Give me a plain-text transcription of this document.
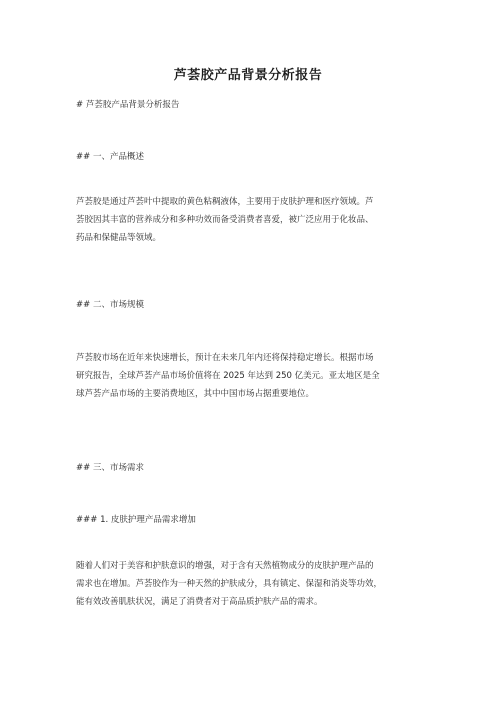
芦荟胶产品背景分析报告
# 芦荟胶产品背景分析报告
## 一、产品概述

芦荟胶是通过芦荟叶中提取的黄色粘稠液体，主要用于皮肤护理和医疗领域。芦

荟胶因其丰富的营养成分和多种功效而备受消费者喜爱，被广泛应用于化妆品、

药品和保健品等领域。

## 二、市场规模

芦荟胶市场在近年来快速增长，预计在未来几年内还将保持稳定增长。根据市场

研究报告，全球芦荟产品市场价值将在 2025 年达到 250 亿美元。亚太地区是全

球芦荟产品市场的主要消费地区，其中中国市场占据重要地位。

## 三、市场需求
### 1. 皮肤护理产品需求增加

随着人们对于美容和护肤意识的增强，对于含有天然植物成分的皮肤护理产品的

需求也在增加。芦荟胶作为一种天然的护肤成分，具有镇定、保湿和消炎等功效，

能有效改善肌肤状况，满足了消费者对于高品质护肤产品的需求。
